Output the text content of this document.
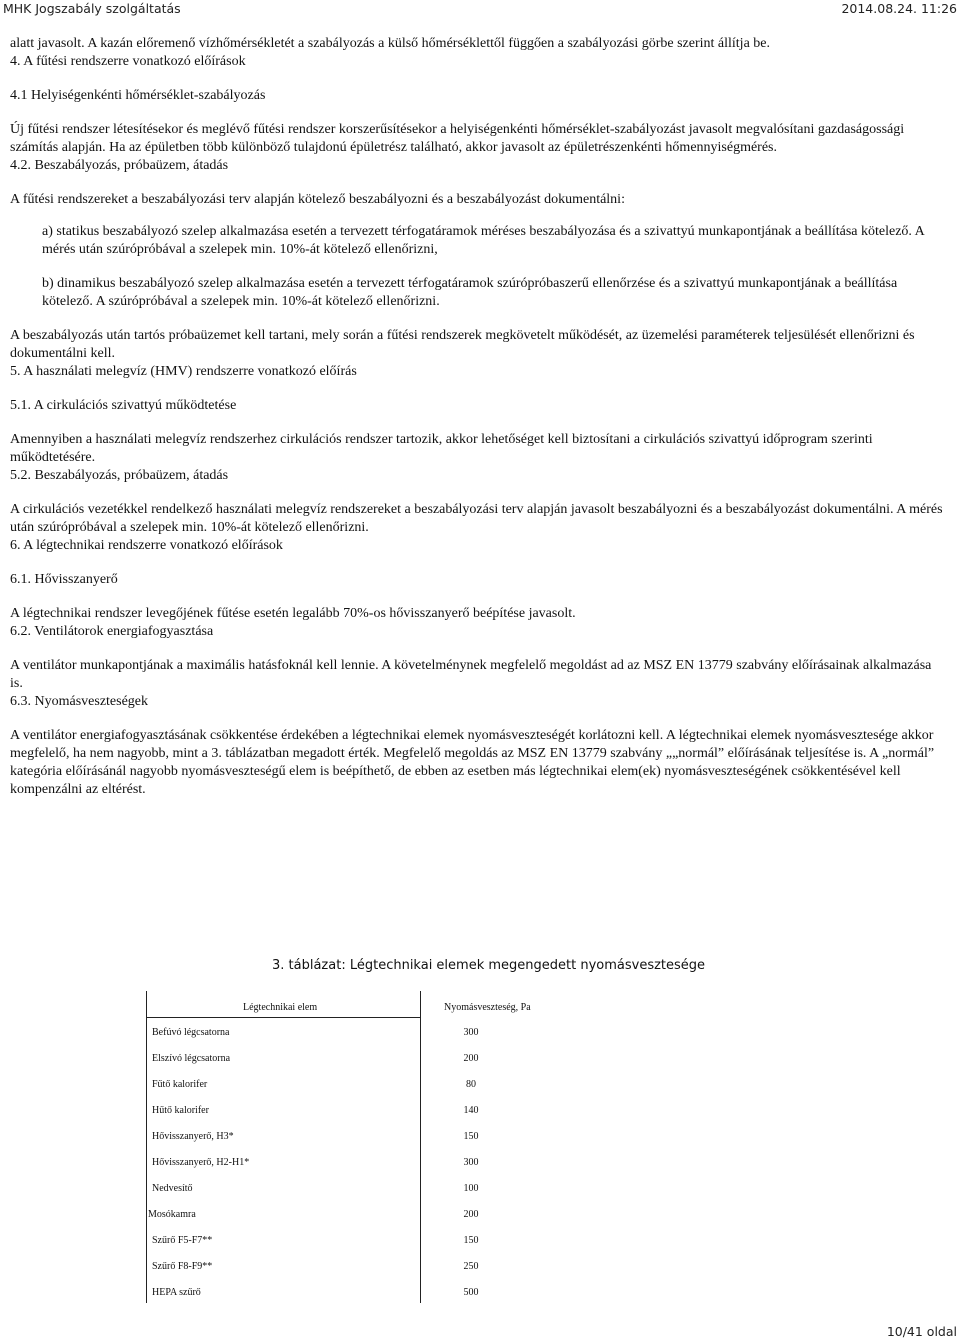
MHK Jogszabály szolgáltatás	2014.08.24. 11:26
alatt javasolt. A kazán előremenő vízhőmérsékletét a szabályozás a külső hőmérséklettől függően a szabályozási görbe szerint állítja be.
4. A fűtési rendszerre vonatkozó előírások
4.1 Helyiségenkénti hőmérséklet-szabályozás
Új fűtési rendszer létesítésekor és meglévő fűtési rendszer korszerűsítésekor a helyiségenkénti hőmérséklet-szabályozást javasolt megvalósítani gazdaságossági számítás alapján. Ha az épületben több különböző tulajdonú épületrész található, akkor javasolt az épületrészenkénti hőmennyiségmérés.
4.2. Beszabályozás, próbaüzem, átadás
A fűtési rendszereket a beszabályozási terv alapján kötelező beszabályozni és a beszabályozást dokumentálni:
a) statikus beszabályozó szelep alkalmazása esetén a tervezett térfogatáramok méréses beszabályozása és a szivattyú munkapontjának a beállítása kötelező. A mérés után szúrópróbával a szelepek min. 10%-át kötelező ellenőrizni,
b) dinamikus beszabályozó szelep alkalmazása esetén a tervezett térfogatáramok szúrópróbaszerű ellenőrzése és a szivattyú munkapontjának a beállítása kötelező. A szúrópróbával a szelepek min. 10%-át kötelező ellenőrizni.
A beszabályozás után tartós próbaüzemet kell tartani, mely során a fűtési rendszerek megkövetelt működését, az üzemelési paraméterek teljesülését ellenőrizni és dokumentálni kell.
5. A használati melegvíz (HMV) rendszerre vonatkozó előírás
5.1. A cirkulációs szivattyú működtetése
Amennyiben a használati melegvíz rendszerhez cirkulációs rendszer tartozik, akkor lehetőséget kell biztosítani a cirkulációs szivattyú időprogram szerinti működtetésére.
5.2. Beszabályozás, próbaüzem, átadás
A cirkulációs vezetékkel rendelkező használati melegvíz rendszereket a beszabályozási terv alapján javasolt beszabályozni és a beszabályozást dokumentálni. A mérés után szúrópróbával a szelepek min. 10%-át kötelező ellenőrizni.
6. A légtechnikai rendszerre vonatkozó előírások
6.1. Hővisszanyerő
A légtechnikai rendszer levegőjének fűtése esetén legalább 70%-os hővisszanyerő beépítése javasolt.
6.2. Ventilátorok energiafogyasztása
A ventilátor munkapontjának a maximális hatásfoknál kell lennie. A követelménynek megfelelő megoldást ad az MSZ EN 13779 szabvány előírásainak alkalmazása is.
6.3. Nyomásveszteségek
A ventilátor energiafogyasztásának csökkentése érdekében a légtechnikai elemek nyomásveszteségét korlátozni kell. A légtechnikai elemek nyomásvesztesége akkor megfelelő, ha nem nagyobb, mint a 3. táblázatban megadott érték. Megfelelő megoldás az MSZ EN 13779 szabvány „„normál” előírásának teljesítése is. A „normál” kategória előírásánál nagyobb nyomásveszteségű elem is beépíthető, de ebben az esetben más légtechnikai elem(ek) nyomásveszteségének csökkentésével kell kompenzálni az eltérést.
3. táblázat: Légtechnikai elemek megengedett nyomásvesztesége
Légtechnikai elem	Nyomásveszteség, Pa
Befúvó légcsatorna	300
Elszívó légcsatorna	200
Fűtő kalorifer	80
Hűtő kalorifer	140
Hővisszanyerő, H3*	150
Hővisszanyerő, H2-H1*	300
Nedvesítő	100
Mosókamra	200
Szűrő F5-F7**	150
Szűrő F8-F9**	250
HEPA szűrő	500
10/41 oldal
